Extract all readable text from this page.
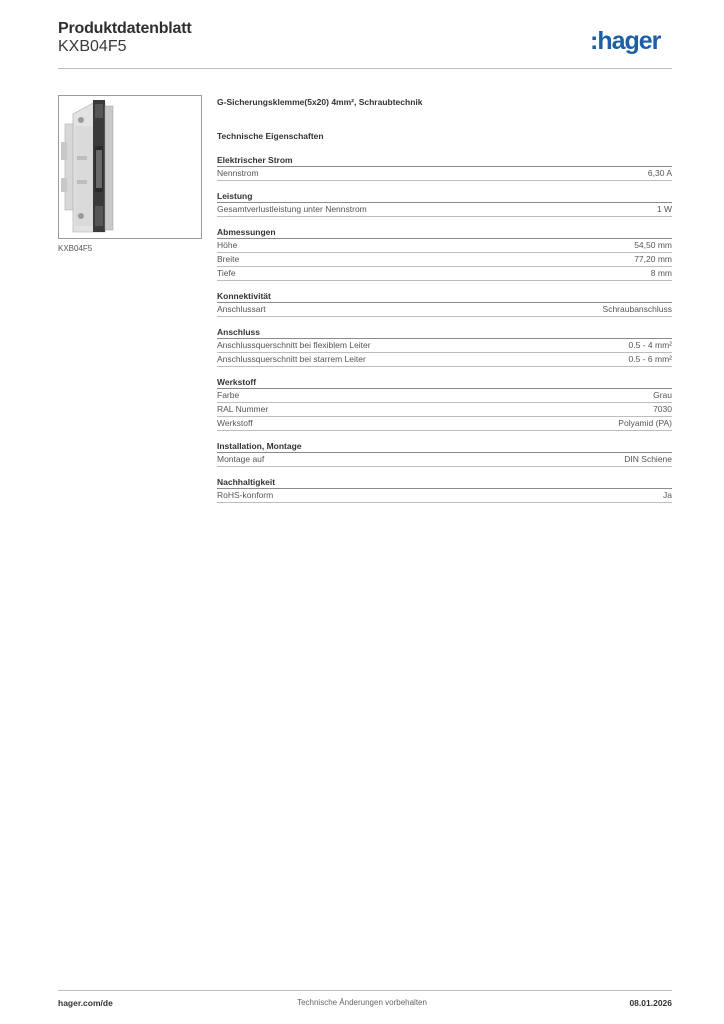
Produktdatenblatt
KXB04F5	:hager
KXB04F5
G-Sicherungsklemme(5x20) 4mm², Schraubtechnik
Technische Eigenschaften
Elektrischer Strom
Nennstrom	6,30 A
Leistung
Gesamtverlustleistung unter Nennstrom	1 W
Abmessungen
Höhe	54,50 mm
Breite	77,20 mm
Tiefe	8 mm
Konnektivität
Anschlussart	Schraubanschluss
Anschluss
Anschlussquerschnitt bei flexiblem Leiter	0.5 - 4 mm²
Anschlussquerschnitt bei starrem Leiter	0.5 - 6 mm²
Werkstoff
Farbe	Grau
RAL Nummer	7030
Werkstoff	Polyamid (PA)
Installation, Montage
Montage auf	DIN Schiene
Nachhaltigkeit
RoHS-konform	Ja
hager.com/de	Technische Änderungen vorbehalten	08.01.2026
